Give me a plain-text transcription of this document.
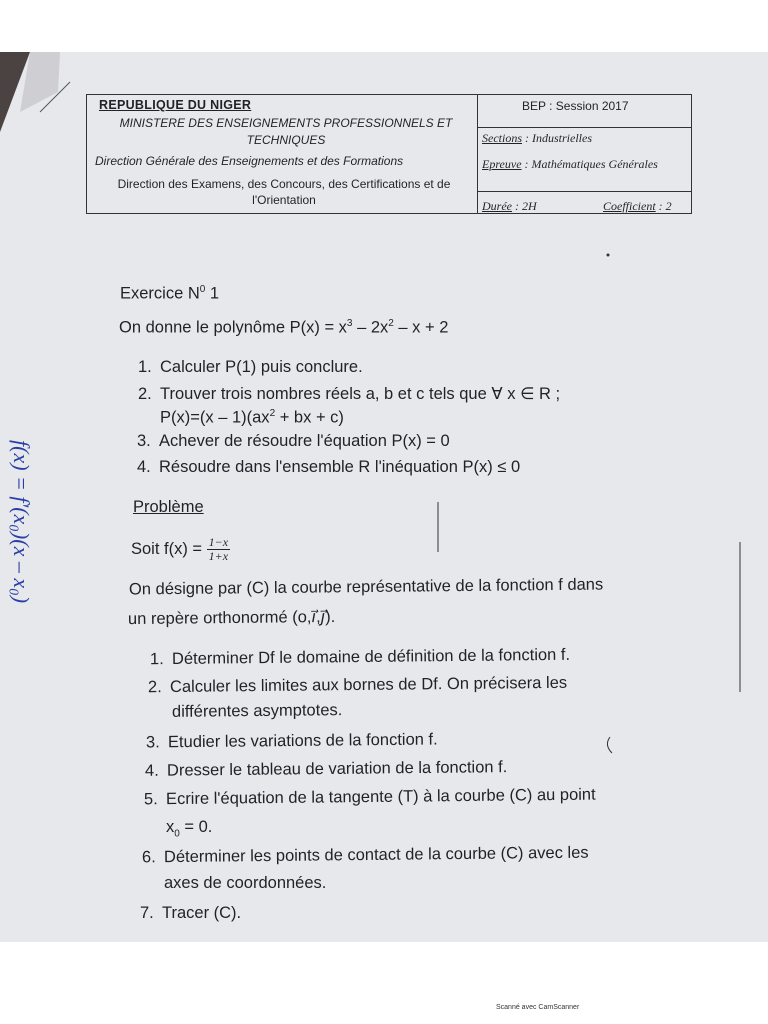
REPUBLIQUE DU NIGER
MINISTERE DES ENSEIGNEMENTS PROFESSIONNELS ET TECHNIQUES
Direction Générale des Enseignements et des Formations
Direction des Examens, des Concours, des Certifications et de l'Orientation
BEP : Session 2017
Sections : Industrielles
Epreuve : Mathématiques Générales
Durée : 2H	Coefficient : 2
Exercice $N^0$ 1
On donne le polynôme $P(x) = x^3 - 2x^2 - x + 2$
1. Calculer P(1) puis conclure.
2. Trouver trois nombres réels a, b et c tels que ∀ x ∈ R ;
$P(x)=(x - 1)(ax^2$ + bx + c)
3. Achever de résoudre l'équation P(x) = 0
4. Résoudre dans l'ensemble R l'inéquation P(x) ≤ 0
Problème
Soit $f(x) = \frac{1-x}{1+x}$
On désigne par (C) la courbe représentative de la fonction f dans
un repère orthonormé (o,i⃗,j⃗).
1. Déterminer Df le domaine de définition de la fonction f.
2. Calculer les limites aux bornes de Df. On précisera les
différentes asymptotes.
3. Etudier les variations de la fonction f.
4. Dresser le tableau de variation de la fonction f.
5. Ecrire l'équation de la tangente (T) à la courbe (C) au point
$x_0 = 0$.
6. Déterminer les points de contact de la courbe (C) avec les
axes de coordonnées.
7. Tracer (C).
f(x) = f'(x₀)(x – x₀)
Scanné avec CamScanner
